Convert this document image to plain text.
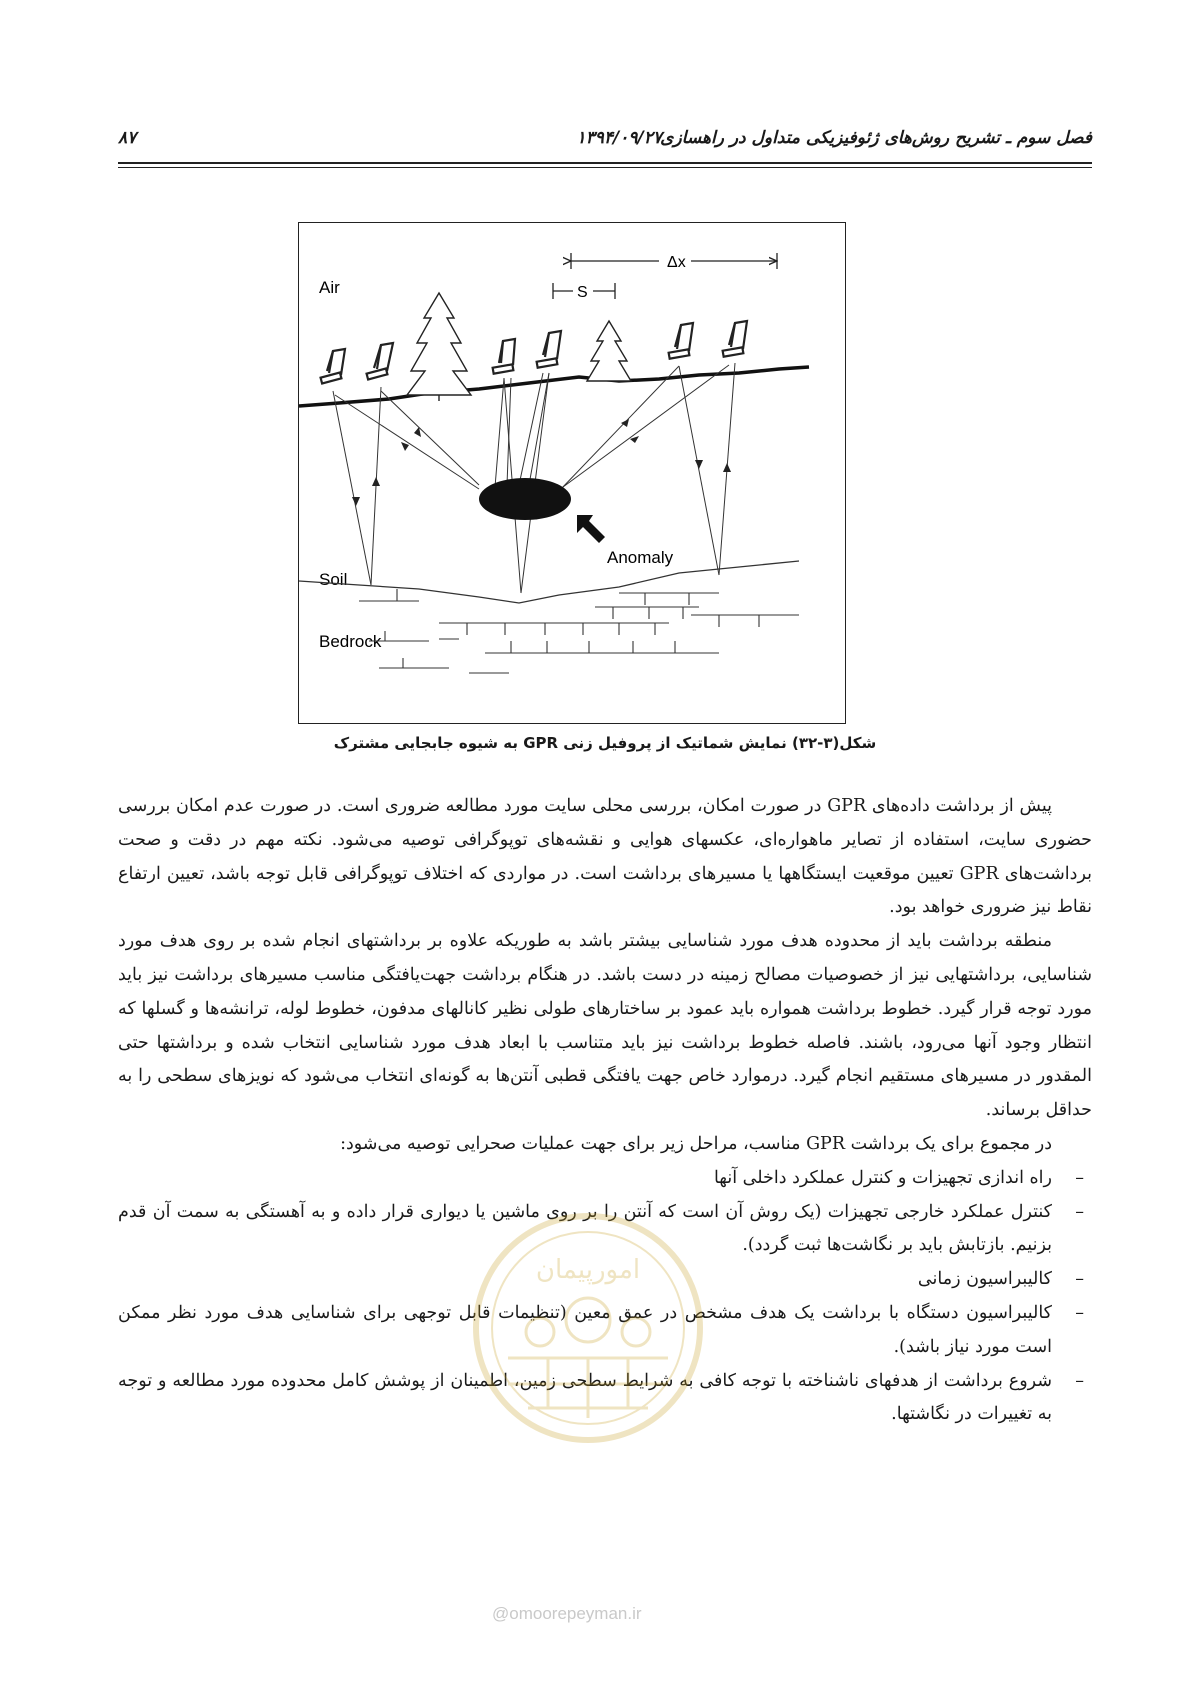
فصل سوم ـ تشریح روش‌های ژئوفیزیکی متداول در راهسازی
۱۳۹۴/۰۹/۲۷
۸۷
Air
Soil
Bedrock
Anomaly
Δx
S
شکل(۳-۳۲) نمایش شماتیک از پروفیل زنی GPR به شیوه جابجایی مشترک

پیش از برداشت داده‌های GPR در صورت امکان، بررسی محلی سایت مورد مطالعه ضروری است. در صورت عدم امکان بررسی حضوری سایت، استفاده از تصایر ماهواره‌ای، عکسهای هوایی و نقشه‌های توپوگرافی توصیه می‌شود. نکته مهم در دقت و صحت برداشت‌های GPR تعیین موقعیت ایستگاهها یا مسیرهای برداشت است. در مواردی که اختلاف توپوگرافی قابل توجه باشد، تعیین ارتفاع نقاط نیز ضروری خواهد بود.

منطقه برداشت باید از محدوده هدف مورد شناسایی بیشتر باشد به طوریکه علاوه بر برداشتهای انجام شده بر روی هدف مورد شناسایی، برداشتهایی نیز از خصوصیات مصالح زمینه در دست باشد. در هنگام برداشت جهت‌یافتگی مناسب مسیرهای برداشت نیز باید مورد توجه قرار گیرد. خطوط برداشت همواره باید عمود بر ساختارهای طولی نظیر کانالهای مدفون، خطوط لوله، ترانشه‌ها و گسلها که انتظار وجود آنها می‌رود، باشند. فاصله خطوط برداشت نیز باید متناسب با ابعاد هدف مورد شناسایی انتخاب شده و برداشتها حتی المقدور در مسیرهای مستقیم انجام گیرد. درموارد خاص جهت یافتگی قطبی آنتن‌ها به گونه‌ای انتخاب می‌شود که نویزهای سطحی را به حداقل برساند.

در مجموع برای یک برداشت GPR مناسب، مراحل زیر برای جهت عملیات صحرایی توصیه می‌شود:

–
راه اندازی تجهیزات و کنترل عملکرد داخلی آنها
–
کنترل عملکرد خارجی تجهیزات (یک روش آن است که آنتن را بر روی ماشین یا دیواری قرار داده و به آهستگی به سمت آن قدم بزنیم. بازتابش باید بر نگاشت‌ها ثبت گردد).
–
کالیبراسیون زمانی
–
کالیبراسیون دستگاه با برداشت یک هدف مشخص در عمق معین (تنظیمات قابل توجهی برای شناسایی هدف مورد نظر ممکن است مورد نیاز باشد).
–
شروع برداشت از هدفهای ناشناخته با توجه کافی به شرایط سطحی زمین، اطمینان از پوشش کامل محدوده مورد مطالعه و توجه به تغییرات در نگاشتها.
امورپیمان
@omoorepeyman.ir
